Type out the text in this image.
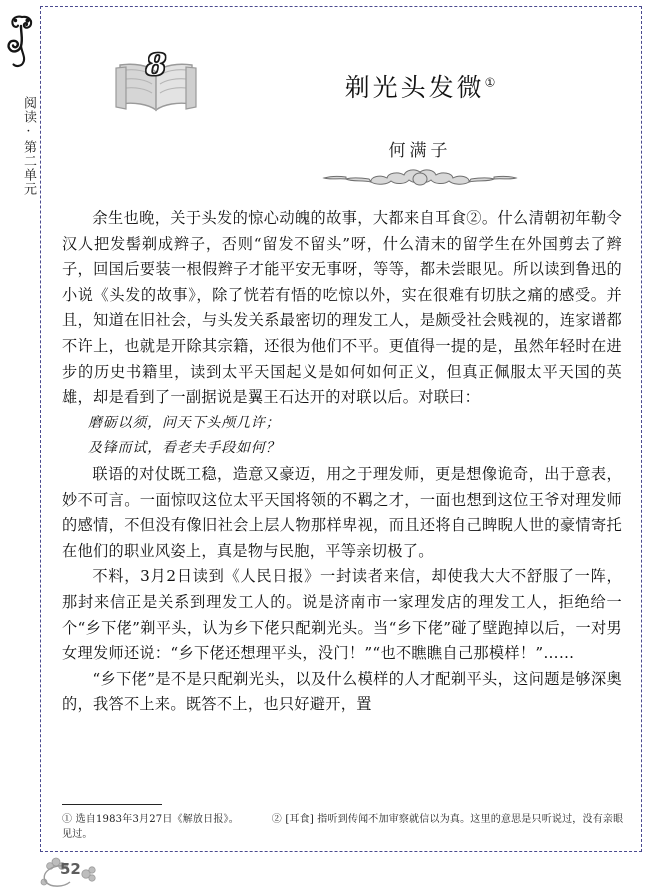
阅读·第二单元
8
剃光头发微①
何满子

余生也晚，关于头发的惊心动魄的故事，大都来自耳食②。什么清朝初年勒令汉人把发髻剃成辫子，否则“留发不留头”呀，什么清末的留学生在外国剪去了辫子，回国后要装一根假辫子才能平安无事呀，等等，都未尝眼见。所以读到鲁迅的小说《头发的故事》，除了恍若有悟的吃惊以外，实在很难有切肤之痛的感受。并且，知道在旧社会，与头发关系最密切的理发工人，是颇受社会贱视的，连家谱都不许上，也就是开除其宗籍，还很为他们不平。更值得一提的是，虽然年轻时在进步的历史书籍里，读到太平天国起义是如何如何正义，但真正佩服太平天国的英雄，却是看到了一副据说是翼王石达开的对联以后。对联曰：

磨砺以须，问天下头颅几许；

及锋而试，看老夫手段如何？

联语的对仗既工稳，造意又豪迈，用之于理发师，更是想像诡奇，出于意表，妙不可言。一面惊叹这位太平天国将领的不羁之才，一面也想到这位王爷对理发师的感情，不但没有像旧社会上层人物那样卑视，而且还将自己睥睨人世的豪情寄托在他们的职业风姿上，真是物与民胞，平等亲切极了。

不料，3月2日读到《人民日报》一封读者来信，却使我大大不舒服了一阵，那封来信正是关系到理发工人的。说是济南市一家理发店的理发工人，拒绝给一个“乡下佬”剃平头，认为乡下佬只配剃光头。当“乡下佬”碰了壁跑掉以后，一对男女理发师还说：“乡下佬还想理平头，没门！”“也不瞧瞧自己那模样！”……

“乡下佬”是不是只配剃光头，以及什么模样的人才配剃平头，这问题是够深奥的，我答不上来。既答不上，也只好避开，置

① 选自1983年3月27日《解放日报》。	② [耳食] 指听到传闻不加审察就信以为真。这里的意思是只听说过，没有亲眼见过。
52
